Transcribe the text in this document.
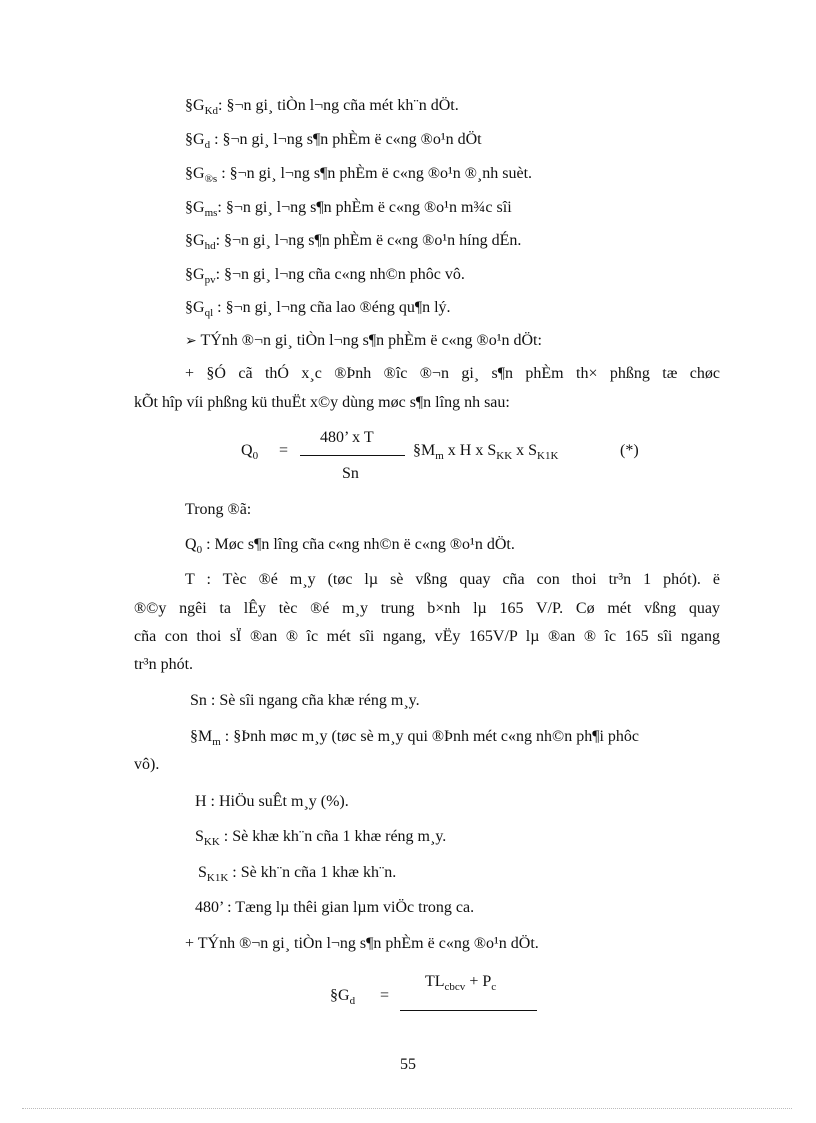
$\S G_{Kd}$: §¬n gi¸ tiÒn l¬ng cña mét kh¨n dÖt.
$\S G_d$ : §¬n gi¸ l¬ng s¶n phÈm ë c«ng ®o¹n dÖt
$\S G_{®s}$ : §¬n gi¸ l¬ng s¶n phÈm ë c«ng ®o¹n ®¸nh suèt.
$\S G_{ms}$: §¬n gi¸ l¬ng s¶n phÈm ë c«ng ®o¹n m¾c sîi
$\S G_{hd}$: §¬n gi¸ l¬ng s¶n phÈm ë c«ng ®o¹n híng dÉn.
$\S G_{pv}$: §¬n gi¸ l¬ng cña c«ng nh©n phôc vô.
$\S G_{ql}$ : §¬n gi¸ l¬ng cña lao ®éng qu¶n lý.
➢ TÝnh ®¬n gi¸ tiÒn l¬ng s¶n phÈm ë c«ng ®o¹n dÖt:
+ §Ó cã thÓ x¸c ®Þnh ®îc ®¬n gi¸ s¶n phÈm th× phßng tæ chøc
kÕt hîp víi phßng kü thuËt x©y dùng møc s¶n lîng nh sau:
$Q_0$ =
480’ x T
Sn
$\S M_m$ x H x $S_{KK}$ x $S_{K1K}$	(*)
Trong ®ã:
$Q_0$ : Møc s¶n lîng cña c«ng nh©n ë c«ng ®o¹n dÖt.
T : Tèc ®é m¸y (tøc lµ sè vßng quay cña con thoi tr³n 1 phót). ë
®©y ngêi ta lÊy tèc ®é m¸y trung b×nh lµ 165 V/P. Cø mét vßng quay
cña con thoi sÏ ®an ® îc mét sîi ngang, vËy 165V/P lµ ®an ® îc 165 sîi ngang
tr³n phót.
Sn : Sè sîi ngang cña khæ réng m¸y.
$\S M_m$ : §Þnh møc m¸y (tøc sè m¸y qui ®Þnh mét c«ng nh©n ph¶i phôc
vô).
H : HiÖu suÊt m¸y (%).
$S_{KK}$ : Sè khæ kh¨n cña 1 khæ réng m¸y.
$S_{K1K}$ : Sè kh¨n cña 1 khæ kh¨n.
480’ : Tæng lµ thêi gian lµm viÖc trong ca.
+ TÝnh ®¬n gi¸ tiÒn l¬ng s¶n phÈm ë c«ng ®o¹n dÖt.
$TL_{cbcv} + P_c$
$\S G_d$ =
55
